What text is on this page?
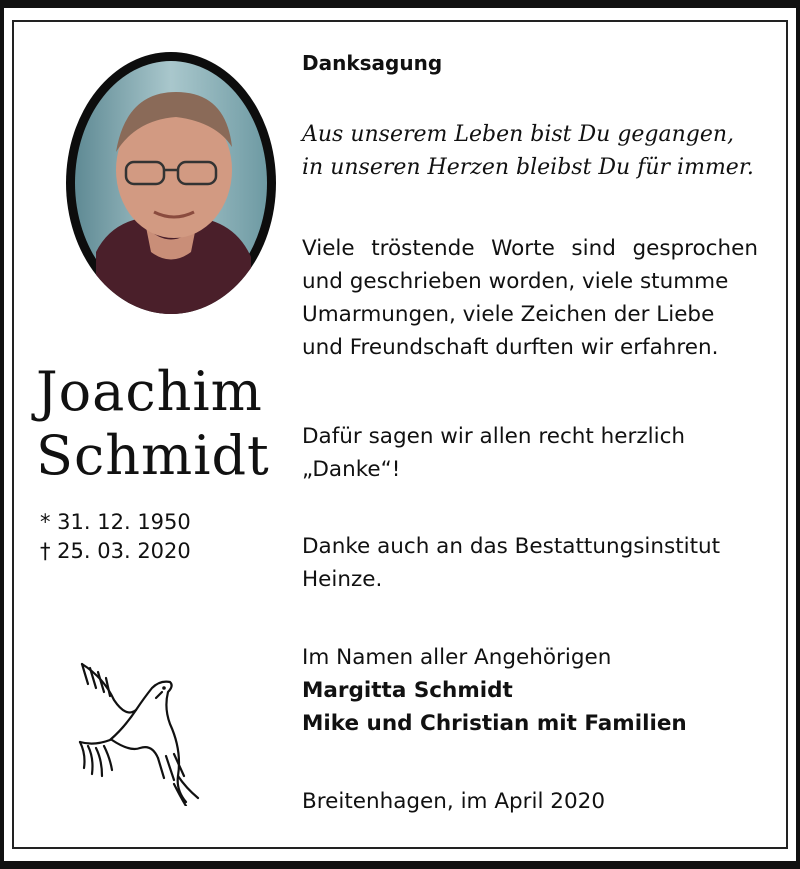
Joachim
Schmidt
* 31. 12. 1950
† 25. 03. 2020
Danksagung
Aus unserem Leben bist Du gegangen,
in unseren Herzen bleibst Du für immer.
Viele tröstende Worte sind gesprochen
und geschrieben worden, viele stumme
Umarmungen, viele Zeichen der Liebe
und Freundschaft durften wir erfahren.
Dafür sagen wir allen recht herzlich
„Danke“!
Danke auch an das Bestattungsinstitut
Heinze.
Im Namen aller Angehörigen
Margitta Schmidt
Mike und Christian mit Familien
Breitenhagen, im April 2020
